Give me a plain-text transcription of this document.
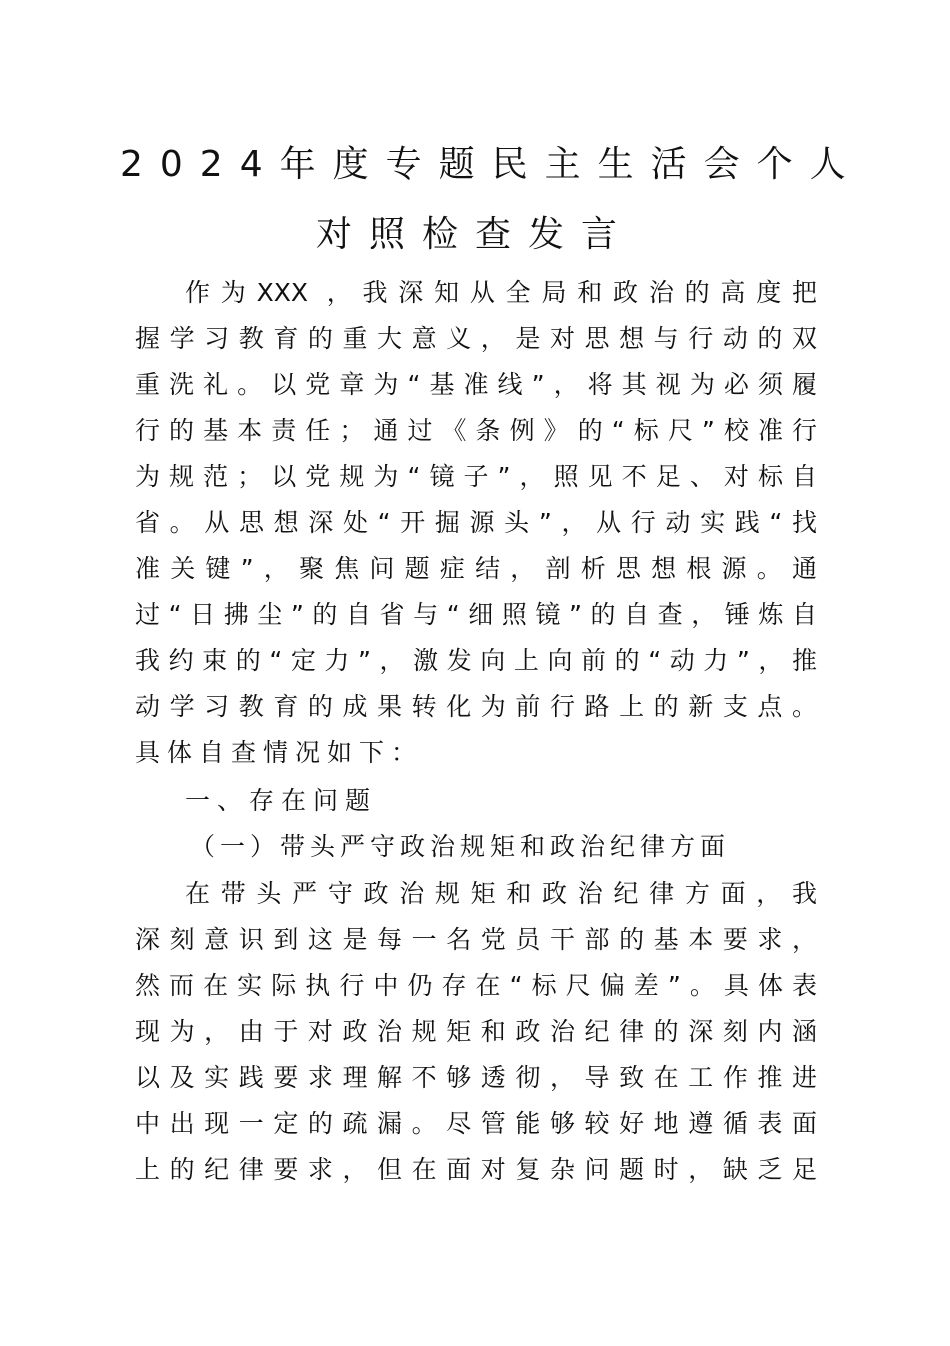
2024年度专题民主生活会个人
对照检查发言
作为XXX ，我深知从全局和政治的高度把
握学习教育的重大意义，是对思想与行动的双
重洗礼。以党章为“基准线”，将其视为必须履
行的基本责任；通过《条例》的“标尺”校准行
为规范；以党规为“镜子”，照见不足、对标自
省。从思想深处“开掘源头”，从行动实践“找
准关键”，聚焦问题症结，剖析思想根源。通
过“日拂尘”的自省与“细照镜”的自查，锤炼自
我约束的“定力”，激发向上向前的“动力”，推
动学习教育的成果转化为前行路上的新支点。
具体自查情况如下：
一、存在问题
（一）带头严守政治规矩和政治纪律方面
在带头严守政治规矩和政治纪律方面，我
深刻意识到这是每一名党员干部的基本要求，
然而在实际执行中仍存在“标尺偏差”。具体表
现为，由于对政治规矩和政治纪律的深刻内涵
以及实践要求理解不够透彻，导致在工作推进
中出现一定的疏漏。尽管能够较好地遵循表面
上的纪律要求，但在面对复杂问题时，缺乏足
